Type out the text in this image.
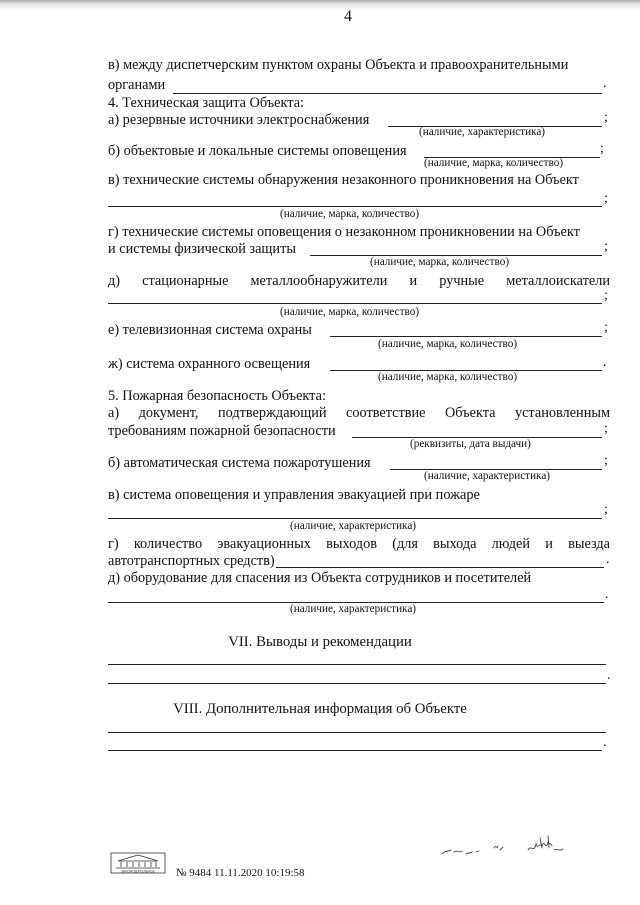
4
в) между диспетчерским пунктом охраны Объекта и правоохранительными
органами	.
4. Техническая защита Объекта:
а) резервные источники электроснабжения	;
(наличие, характеристика)
б) объектовые и локальные системы оповещения	;
(наличие, марка, количество)
в) технические системы обнаружения незаконного проникновения на Объект
;
(наличие, марка, количество)
г) технические системы оповещения о незаконном проникновении на Объект
и системы физической защиты	;
(наличие, марка, количество)
д) стационарные металлообнаружители и ручные металлоискатели
;
(наличие, марка, количество)
е) телевизионная система охраны	;
(наличие, марка, количество)
ж) система охранного освещения	.
(наличие, марка, количество)
5. Пожарная безопасность Объекта:
а) документ, подтверждающий соответствие Объекта установленным
требованиям пожарной безопасности	;
(реквизиты, дата выдачи)
б) автоматическая система пожаротушения	;
(наличие, характеристика)
в) система оповещения и управления эвакуацией при пожаре
;
(наличие, характеристика)
г) количество эвакуационных выходов (для выхода людей и выезда
автотранспортных средств)	.
д) оборудование для спасения из Объекта сотрудников и посетителей
.
(наличие, характеристика)
VII. Выводы и рекомендации
.
VIII. Дополнительная информация об Объекте
.
ЗАКОНОДАТЕЛЬНОЕ № 9484 11.11.2020 10:19:58
